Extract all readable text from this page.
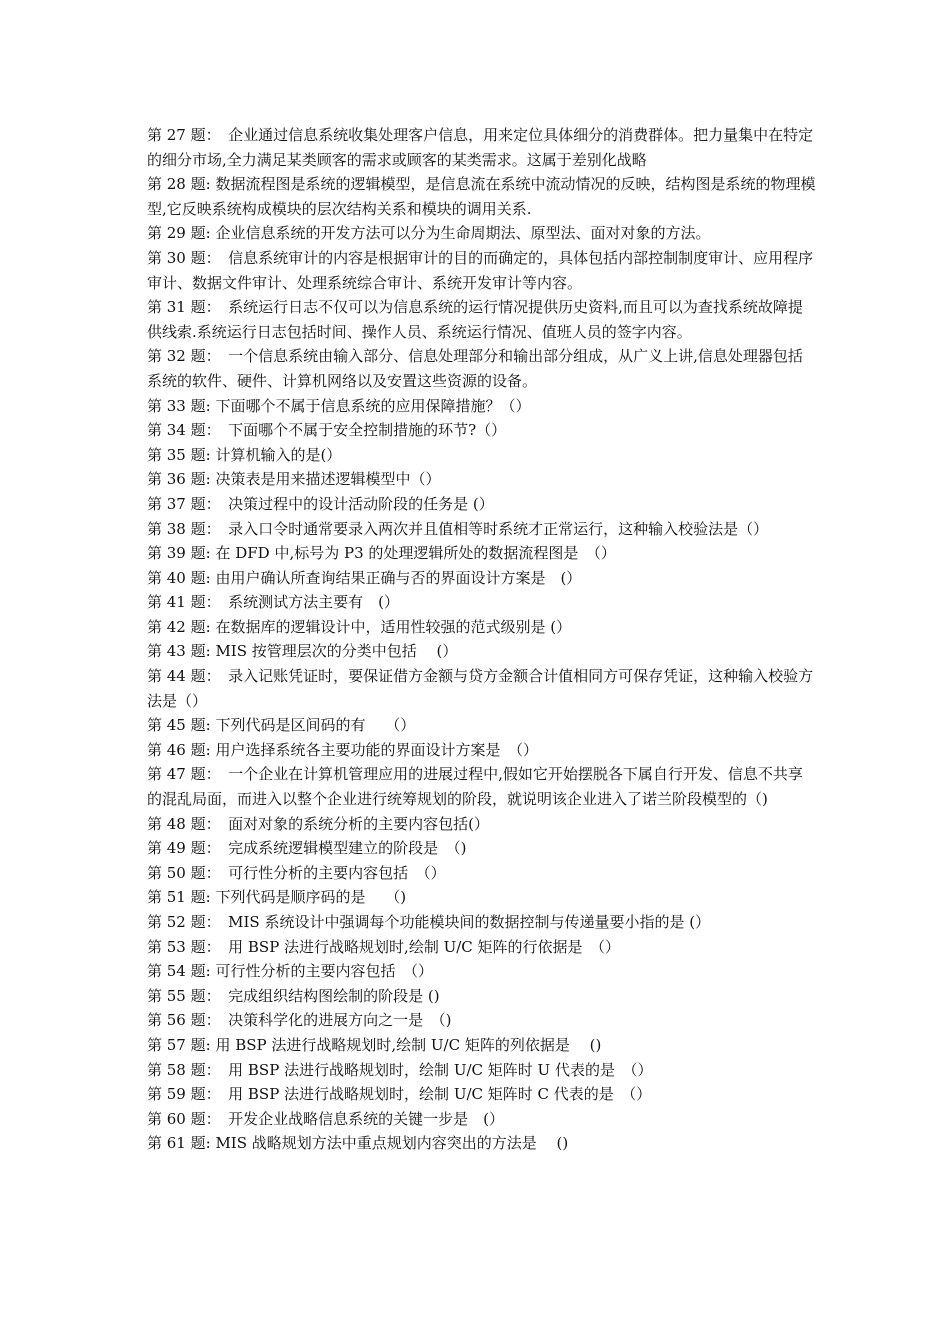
第 27 题：　企业通过信息系统收集处理客户信息，用来定位具体细分的消费群体。把力量集中在特定的细分市场,全力满足某类顾客的需求或顾客的某类需求。这属于差别化战略

第 28 题: 数据流程图是系统的逻辑模型，是信息流在系统中流动情况的反映，结构图是系统的物理模型,它反映系统构成模块的层次结构关系和模块的调用关系.

第 29 题: 企业信息系统的开发方法可以分为生命周期法、原型法、面对对象的方法。

第 30 题：　信息系统审计的内容是根据审计的目的而确定的，具体包括内部控制制度审计、应用程序审计、数据文件审计、处理系统综合审计、系统开发审计等内容。

第 31 题：　系统运行日志不仅可以为信息系统的运行情况提供历史资料,而且可以为查找系统故障提供线索.系统运行日志包括时间、操作人员、系统运行情况、值班人员的签字内容。

第 32 题：　一个信息系统由输入部分、信息处理部分和输出部分组成，从广义上讲,信息处理器包括系统的软件、硬件、计算机网络以及安置这些资源的设备。

第 33 题: 下面哪个不属于信息系统的应用保障措施？（）

第 34 题：　下面哪个不属于安全控制措施的环节?（）

第 35 题: 计算机输入的是(）

第 36 题: 决策表是用来描述逻辑模型中（）

第 37 题：　决策过程中的设计活动阶段的任务是 (）

第 38 题：　录入口令时通常要录入两次并且值相等时系统才正常运行，这种输入校验法是（）

第 39 题: 在 DFD 中,标号为 P3 的处理逻辑所处的数据流程图是　（）

第 40 题: 由用户确认所查询结果正确与否的界面设计方案是　(）

第 41 题：　系统测试方法主要有　(）

第 42 题: 在数据库的逻辑设计中，适用性较强的范式级别是 (）

第 43 题: MIS 按管理层次的分类中包括　 (）

第 44 题：　录入记账凭证时，要保证借方金额与贷方金额合计值相同方可保存凭证，这种输入校验方法是（）

第 45 题: 下列代码是区间码的有　 （）

第 46 题: 用户选择系统各主要功能的界面设计方案是　（）

第 47 题：　一个企业在计算机管理应用的进展过程中,假如它开始摆脱各下属自行开发、信息不共享的混乱局面，而进入以整个企业进行统筹规划的阶段，就说明该企业进入了诺兰阶段模型的（)

第 48 题：　面对对象的系统分析的主要内容包括(）

第 49 题：　完成系统逻辑模型建立的阶段是　（)

第 50 题：　可行性分析的主要内容包括　（）

第 51 题: 下列代码是顺序码的是　 （)

第 52 题：　MIS 系统设计中强调每个功能模块间的数据控制与传递量要小指的是 (）

第 53 题：　用 BSP 法进行战略规划时,绘制 U/C 矩阵的行依据是　（）

第 54 题: 可行性分析的主要内容包括　（）

第 55 题：　完成组织结构图绘制的阶段是 ()

第 56 题：　决策科学化的进展方向之一是　（)

第 57 题: 用 BSP 法进行战略规划时,绘制 U/C 矩阵的列依据是　 ()

第 58 题：　用 BSP 法进行战略规划时，绘制 U/C 矩阵时 U 代表的是　（）

第 59 题：　用 BSP 法进行战略规划时，绘制 U/C 矩阵时 C 代表的是　（）

第 60 题：　开发企业战略信息系统的关键一步是　(）

第 61 题: MIS 战略规划方法中重点规划内容突出的方法是　 ()
